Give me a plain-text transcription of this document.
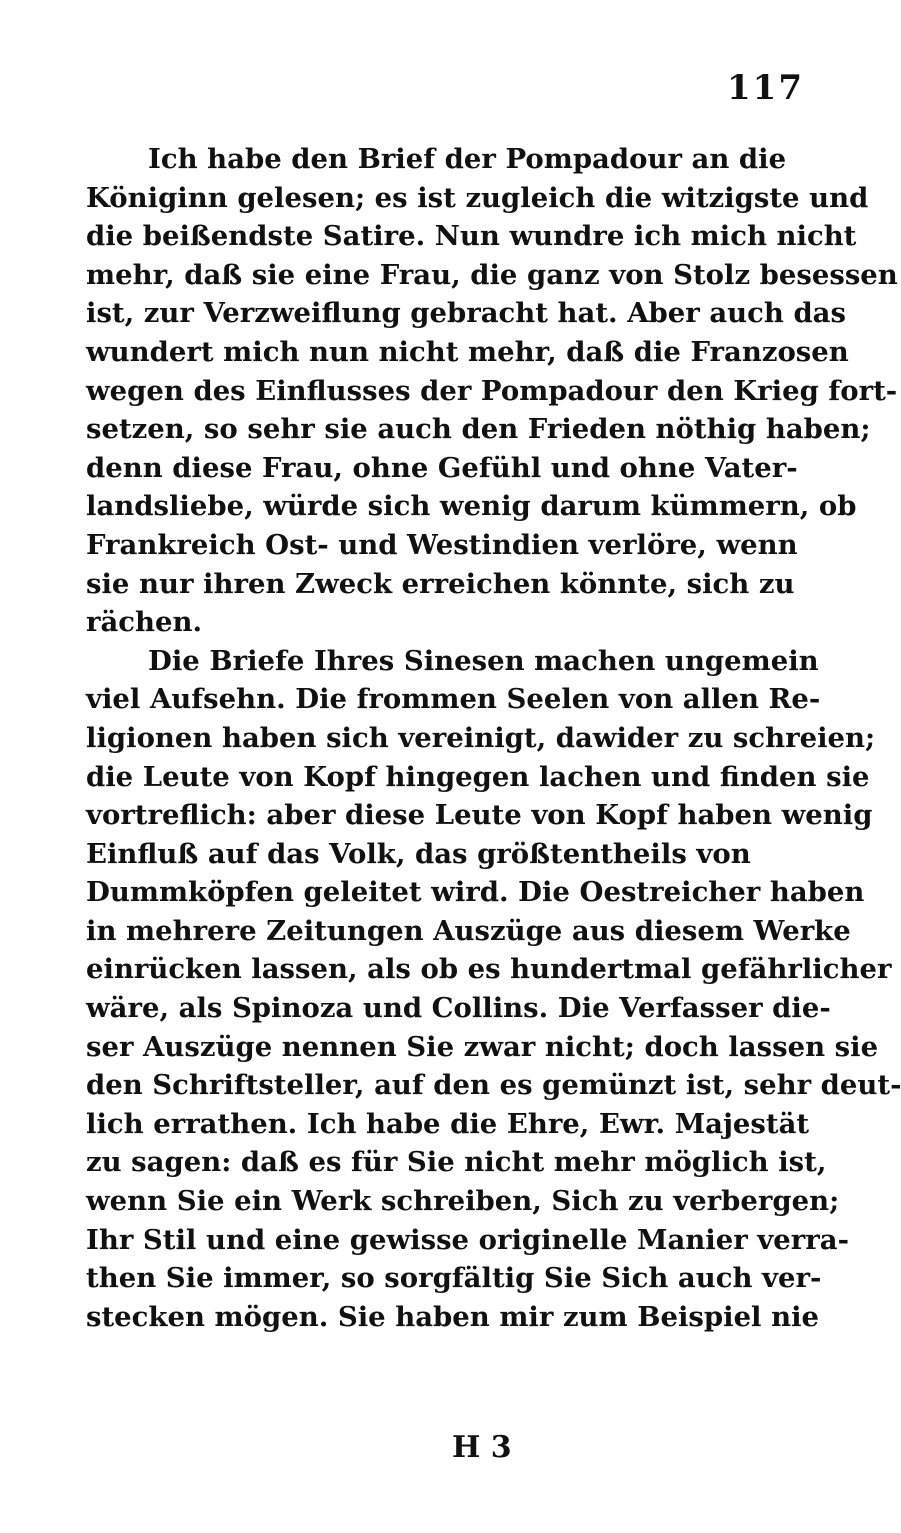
117
Ich habe den Brief der Pompadour an die
Königinn gelesen; es ist zugleich die witzigste und
die beißendste Satire. Nun wundre ich mich nicht
mehr, daß sie eine Frau, die ganz von Stolz besessen
ist, zur Verzweiflung gebracht hat. Aber auch das
wundert mich nun nicht mehr, daß die Franzosen
wegen des Einflusses der Pompadour den Krieg fort-
setzen, so sehr sie auch den Frieden nöthig haben;
denn diese Frau, ohne Gefühl und ohne Vater-
landsliebe, würde sich wenig darum kümmern, ob
Frankreich Ost- und Westindien verlöre, wenn
sie nur ihren Zweck erreichen könnte, sich zu
rächen.
Die Briefe Ihres Sinesen machen ungemein
viel Aufsehn. Die frommen Seelen von allen Re-
ligionen haben sich vereinigt, dawider zu schreien;
die Leute von Kopf hingegen lachen und finden sie
vortreflich: aber diese Leute von Kopf haben wenig
Einfluß auf das Volk, das größtentheils von
Dummköpfen geleitet wird. Die Oestreicher haben
in mehrere Zeitungen Auszüge aus diesem Werke
einrücken lassen, als ob es hundertmal gefährlicher
wäre, als Spinoza und Collins. Die Verfasser die-
ser Auszüge nennen Sie zwar nicht; doch lassen sie
den Schriftsteller, auf den es gemünzt ist, sehr deut-
lich errathen. Ich habe die Ehre, Ewr. Majestät
zu sagen: daß es für Sie nicht mehr möglich ist,
wenn Sie ein Werk schreiben, Sich zu verbergen;
Ihr Stil und eine gewisse originelle Manier verra-
then Sie immer, so sorgfältig Sie Sich auch ver-
stecken mögen. Sie haben mir zum Beispiel nie
H 3
